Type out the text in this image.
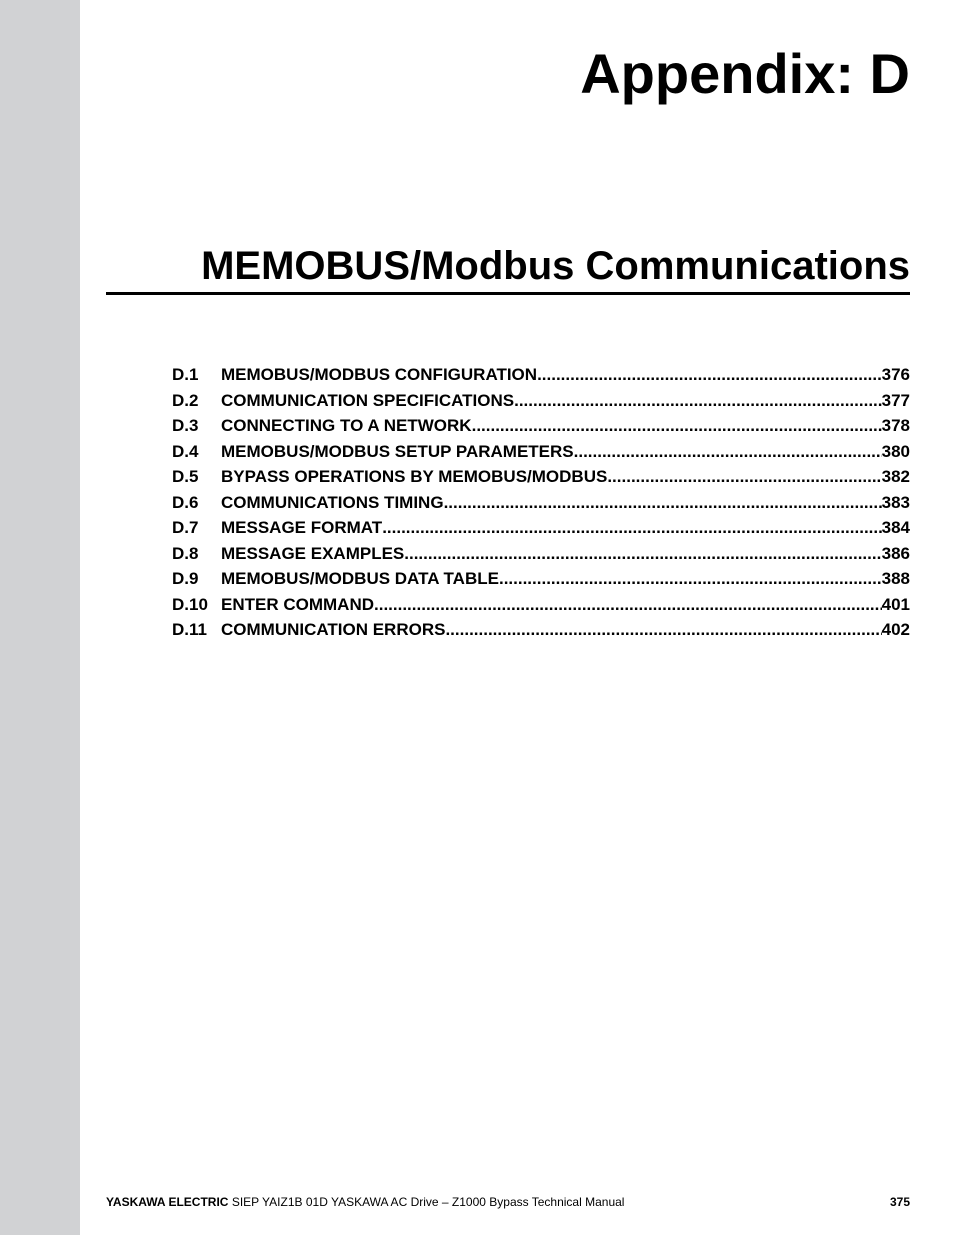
Appendix: D
MEMOBUS/Modbus Communications
D.1	MEMOBUS/MODBUS CONFIGURATION .....	376
D.2	COMMUNICATION SPECIFICATIONS .....	377
D.3	CONNECTING TO A NETWORK .....	378
D.4	MEMOBUS/MODBUS SETUP PARAMETERS .....	380
D.5	BYPASS OPERATIONS BY MEMOBUS/MODBUS .....	382
D.6	COMMUNICATIONS TIMING .....	383
D.7	MESSAGE FORMAT .....	384
D.8	MESSAGE EXAMPLES .....	386
D.9	MEMOBUS/MODBUS DATA TABLE .....	388
D.10 ENTER COMMAND .....	401
D.11 COMMUNICATION ERRORS .....	402
YASKAWA ELECTRIC SIEP YAIZ1B 01D YASKAWA AC Drive – Z1000 Bypass Technical Manual	375
